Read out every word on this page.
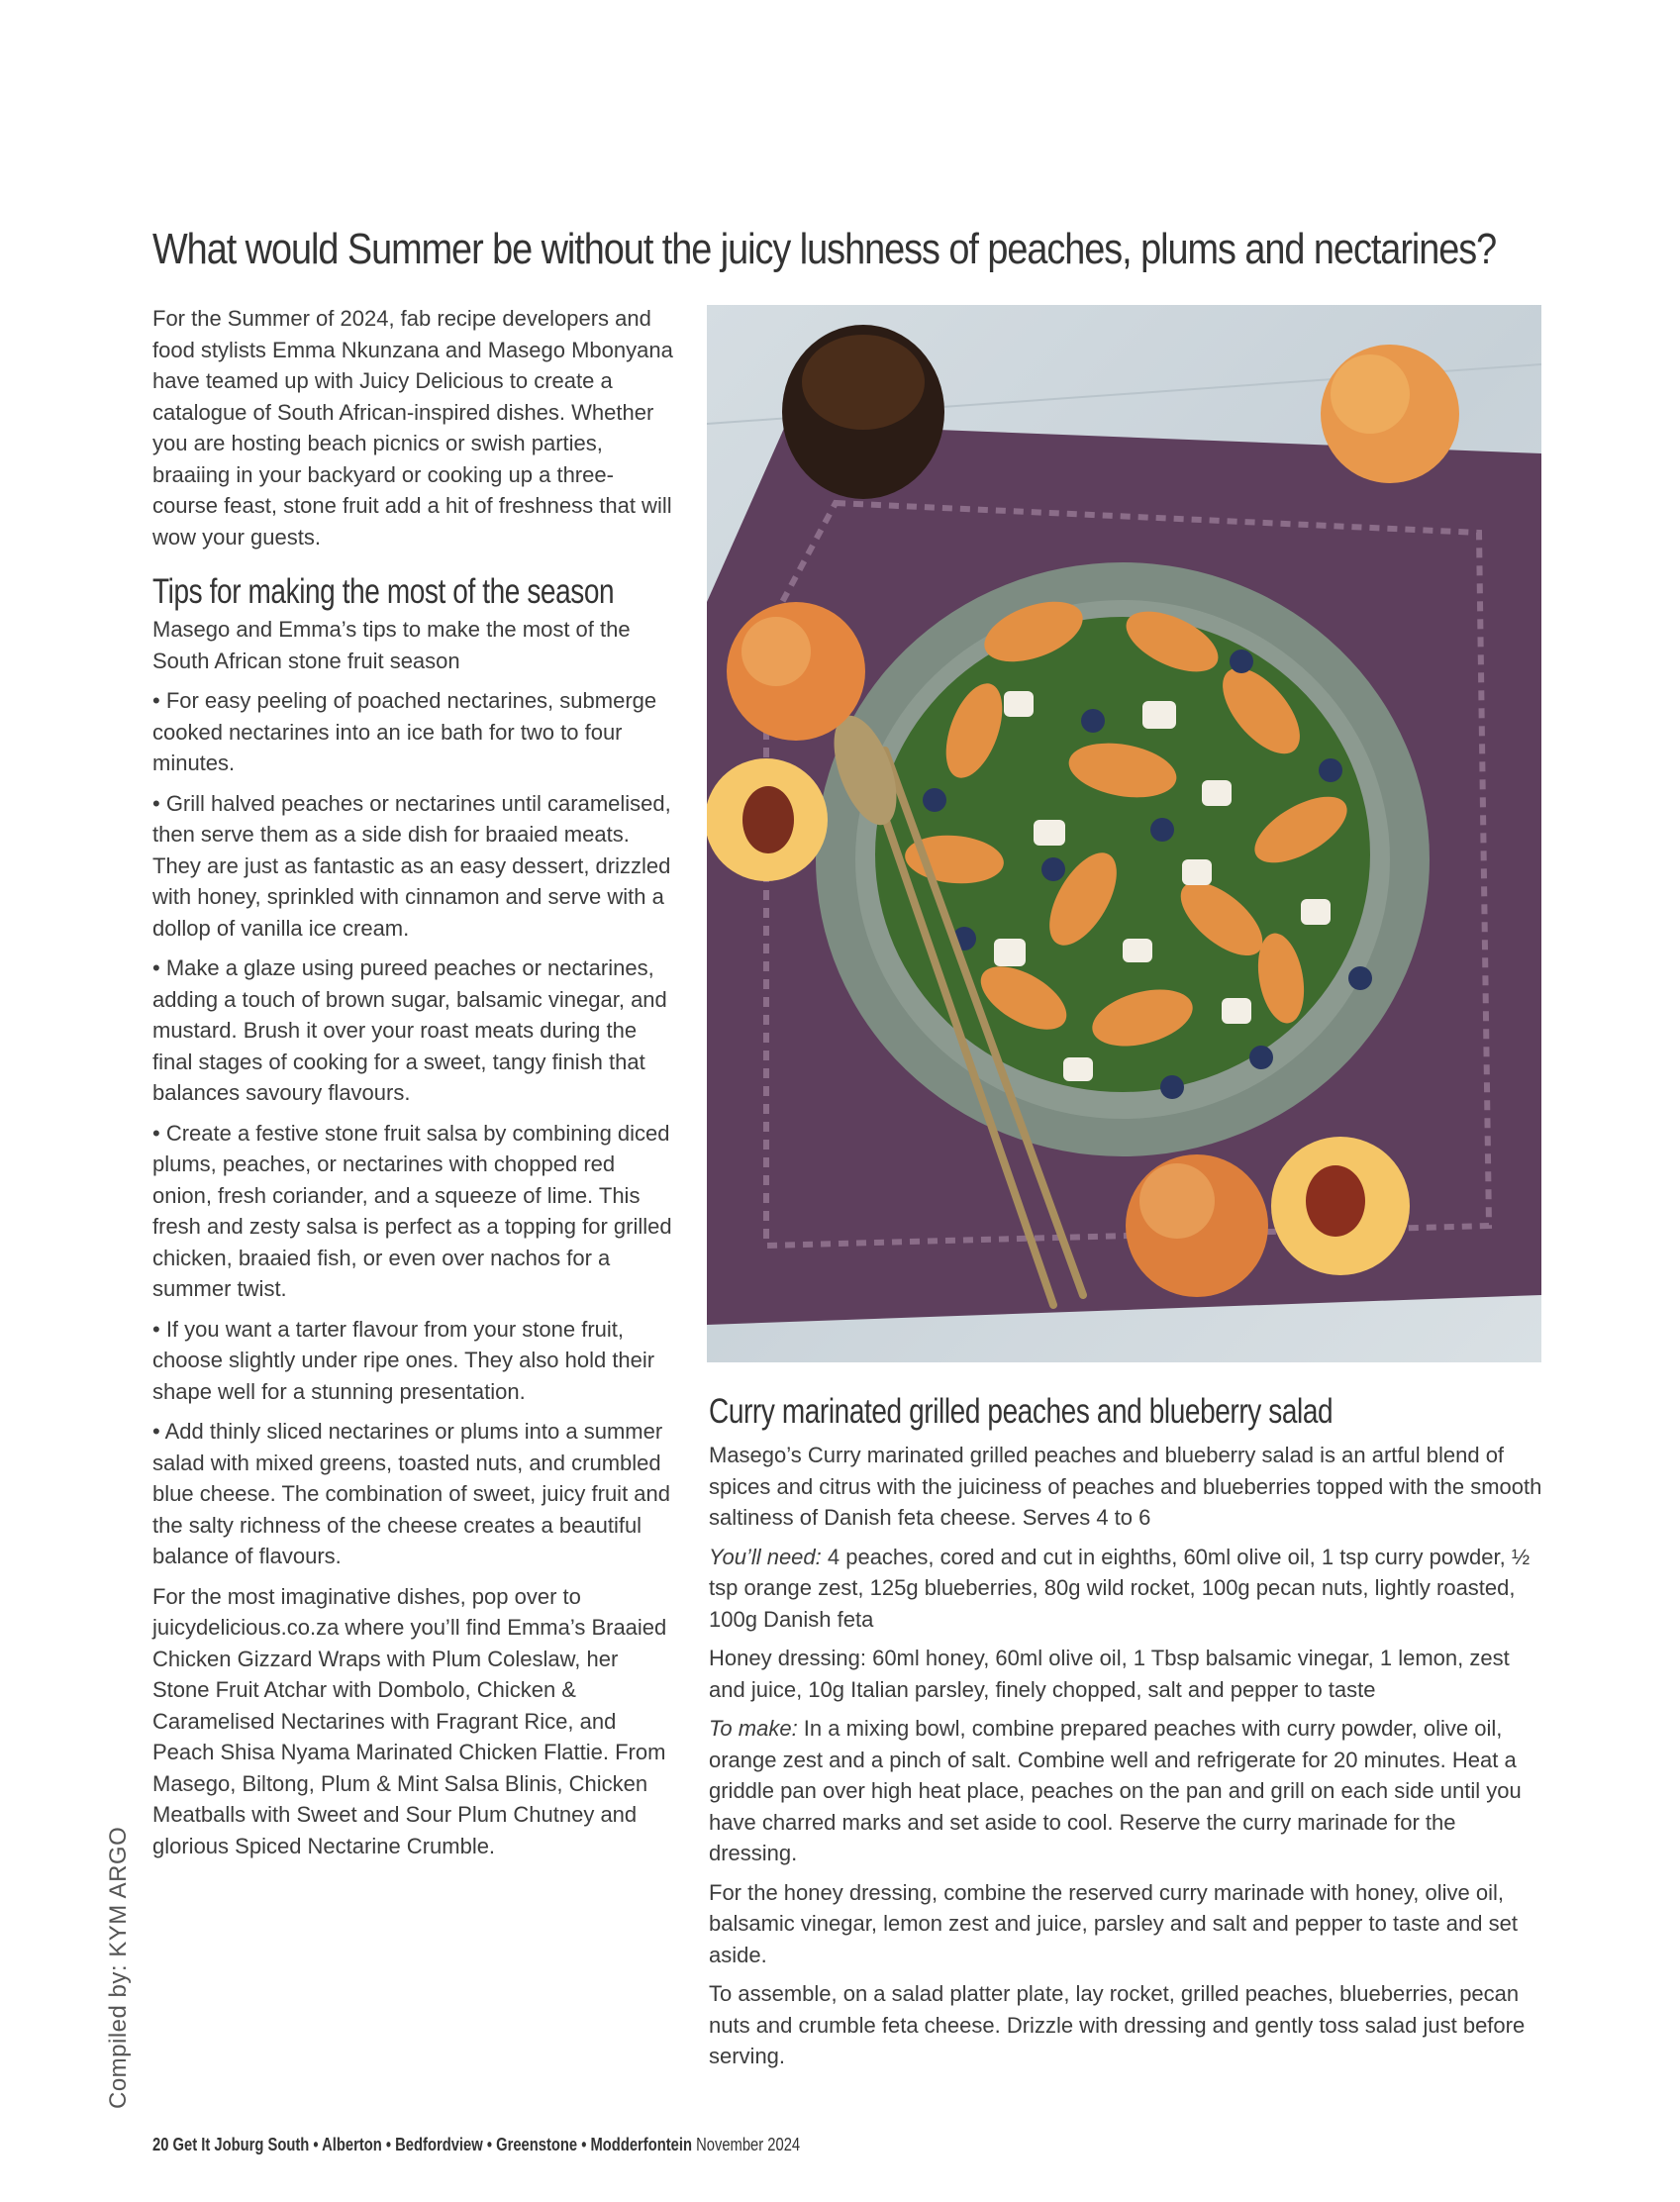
What would Summer be without the juicy lushness of peaches, plums and nectarines?

For the Summer of 2024, fab recipe developers and food stylists Emma Nkunzana and Masego Mbonyana have teamed up with Juicy Delicious to create a catalogue of South African-inspired dishes. Whether you are hosting beach picnics or swish parties, braaiing in your backyard or cooking up a three-course feast, stone fruit add a hit of freshness that will wow your guests.

Tips for making the most of the season

Masego and Emma’s tips to make the most of the South African stone fruit season

• For easy peeling of poached nectarines, submerge cooked nectarines into an ice bath for two to four minutes.

• Grill halved peaches or nectarines until caramelised, then serve them as a side dish for braaied meats. They are just as fantastic as an easy dessert, drizzled with honey, sprinkled with cinnamon and serve with a dollop of vanilla ice cream.

• Make a glaze using pureed peaches or nectarines, adding a touch of brown sugar, balsamic vinegar, and mustard. Brush it over your roast meats during the final stages of cooking for a sweet, tangy finish that balances savoury flavours.

• Create a festive stone fruit salsa by combining diced plums, peaches, or nectarines with chopped red onion, fresh coriander, and a squeeze of lime. This fresh and zesty salsa is perfect as a topping for grilled chicken, braaied fish, or even over nachos for a summer twist.

• If you want a tarter flavour from your stone fruit, choose slightly under ripe ones. They also hold their shape well for a stunning presentation.

• Add thinly sliced nectarines or plums into a summer salad with mixed greens, toasted nuts, and crumbled blue cheese. The combination of sweet, juicy fruit and the salty richness of the cheese creates a beautiful balance of flavours.

For the most imaginative dishes, pop over to juicydelicious.co.za where you’ll find Emma’s Braaied Chicken Gizzard Wraps with Plum Coleslaw, her Stone Fruit Atchar with Dombolo, Chicken & Caramelised Nectarines with Fragrant Rice, and Peach Shisa Nyama Marinated Chicken Flattie. From Masego, Biltong, Plum & Mint Salsa Blinis, Chicken Meatballs with Sweet and Sour Plum Chutney and glorious Spiced Nectarine Crumble.

Curry marinated grilled peaches and blueberry salad

Masego’s Curry marinated grilled peaches and blueberry salad is an artful blend of spices and citrus with the juiciness of peaches and blueberries topped with the smooth saltiness of Danish feta cheese. Serves 4 to 6

You’ll need: 4 peaches, cored and cut in eighths, 60ml olive oil, 1 tsp curry powder, ½ tsp orange zest, 125g blueberries, 80g wild rocket, 100g pecan nuts, lightly roasted, 100g Danish feta

Honey dressing: 60ml honey, 60ml olive oil, 1 Tbsp balsamic vinegar, 1 lemon, zest and juice, 10g Italian parsley, finely chopped, salt and pepper to taste

To make: In a mixing bowl, combine prepared peaches with curry powder, olive oil, orange zest and a pinch of salt. Combine well and refrigerate for 20 minutes. Heat a griddle pan over high heat place, peaches on the pan and grill on each side until you have charred marks and set aside to cool. Reserve the curry marinade for the dressing.

For the honey dressing, combine the reserved curry marinade with honey, olive oil, balsamic vinegar, lemon zest and juice, parsley and salt and pepper to taste and set aside.

To assemble, on a salad platter plate, lay rocket, grilled peaches, blueberries, pecan nuts and crumble feta cheese. Drizzle with dressing and gently toss salad just before serving.

Compiled by: KYM ARGO
20 Get It Joburg South • Alberton • Bedfordview • Greenstone • Modderfontein November 2024
